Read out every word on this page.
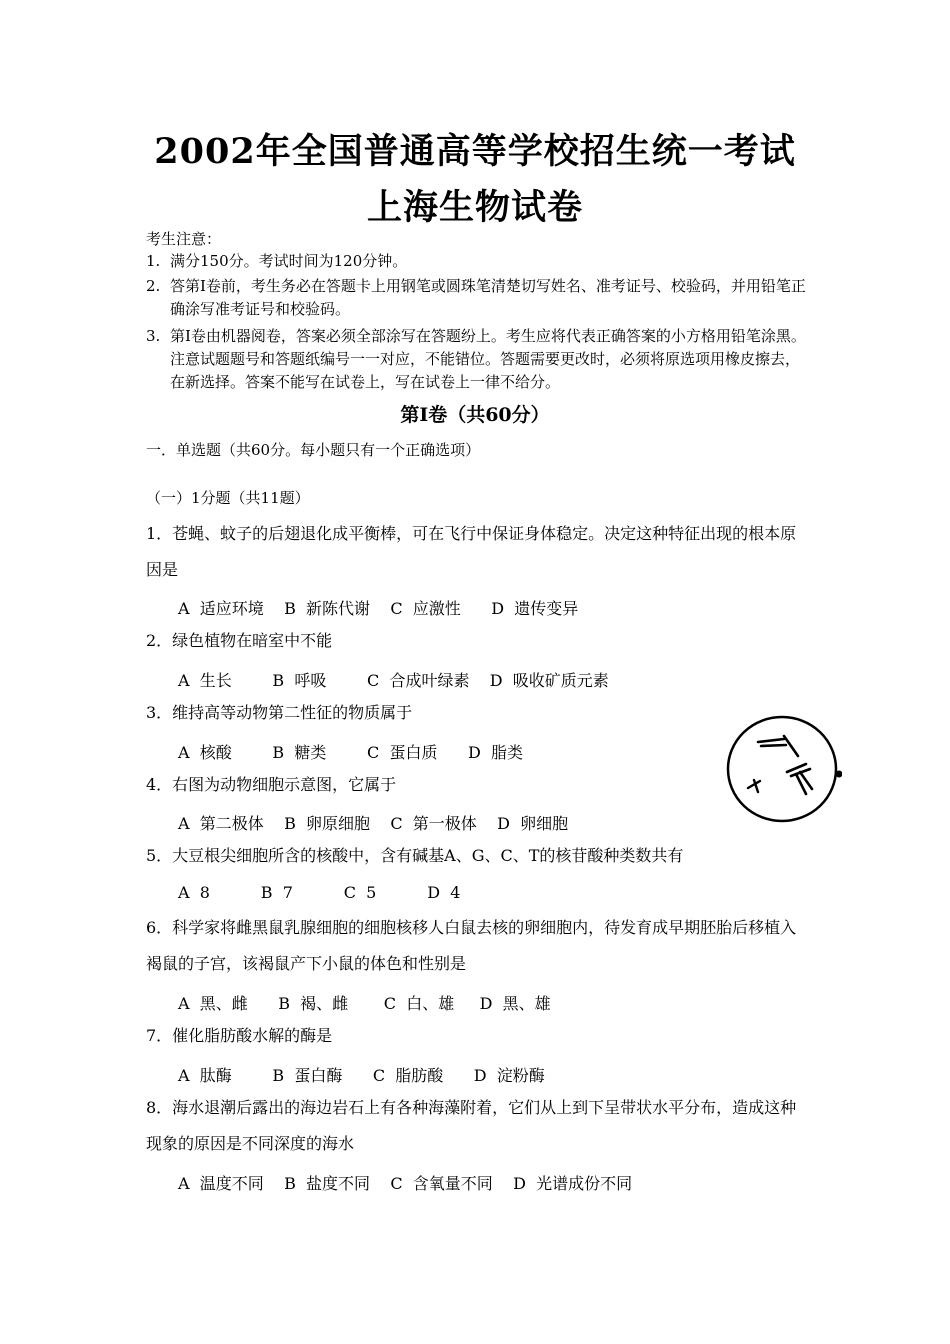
2002年全国普通高等学校招生统一考试
上海生物试卷
考生注意：
1. 满分150分。考试时间为120分钟。
2. 答第Ⅰ卷前，考生务必在答题卡上用钢笔或圆珠笔清楚切写姓名、准考证号、校验码，并用铅笔正确涂写准考证号和校验码。
3. 第Ⅰ卷由机器阅卷，答案必须全部涂写在答题纷上。考生应将代表正确答案的小方格用铅笔涂黑。注意试题题号和答题纸编号一一对应，不能错位。答题需要更改时，必须将原选项用橡皮擦去，在新选择。答案不能写在试卷上，写在试卷上一律不给分。
第Ⅰ卷（共60分）
一．单选题（共60分。每小题只有一个正确选项）
（一）1分题（共11题）
1．苍蝇、蚊子的后翅退化成平衡棒，可在飞行中保证身体稳定。决定这种特征出现的根本原因是
A  适应环境    B  新陈代谢    C  应激性      D  遗传变异
2．绿色植物在暗室中不能
A  生长        B  呼吸        C  合成叶绿素    D  吸收矿质元素
3．维持高等动物第二性征的物质属于
A  核酸        B  糖类        C  蛋白质      D  脂类
4．右图为动物细胞示意图，它属于
A  第二极体    B  卵原细胞    C  第一极体    D  卵细胞
5．大豆根尖细胞所含的核酸中，含有碱基A、G、C、T的核苷酸种类数共有
A  8          B  7          C  5          D  4
6．科学家将雌黑鼠乳腺细胞的细胞核移人白鼠去核的卵细胞内，待发育成早期胚胎后移植入褐鼠的子宫，该褐鼠产下小鼠的体色和性别是
A  黑、雌      B  褐、雌       C  白、雄     D  黑、雄
7．催化脂肪酸水解的酶是
A  肽酶        B  蛋白酶      C  脂肪酸      D  淀粉酶
8．海水退潮后露出的海边岩石上有各种海藻附着，它们从上到下呈带状水平分布，造成这种现象的原因是不同深度的海水
A  温度不同    B  盐度不同    C  含氧量不同    D  光谱成份不同
